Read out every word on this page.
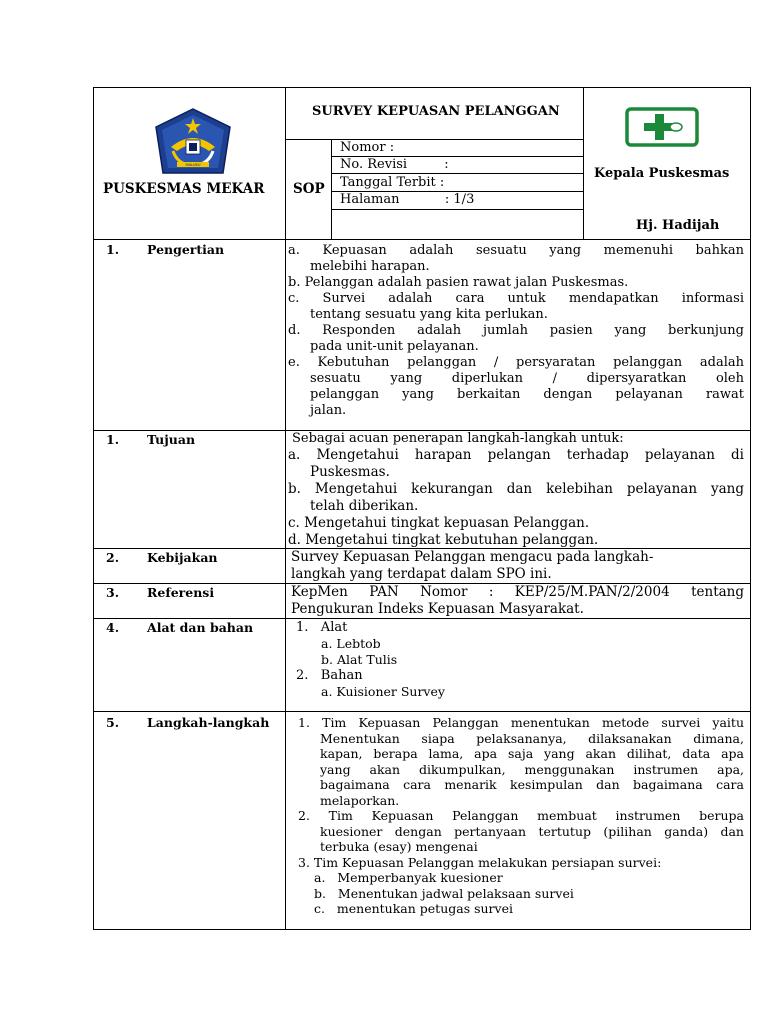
MALUKU
PUSKESMAS MEKAR SOP
SURVEY KEPUASAN PELANGGAN
Nomor :
No. Revisi         :
Tanggal Terbit :
Halaman           : 1/3
Kepala Puskesmas
Hj. Hadijah
1. Pengertian	a. Kepuasan adalah sesuatu yang memenuhi bahkan
melebihi harapan.
b. Pelanggan adalah pasien rawat jalan Puskesmas.
c. Survei adalah cara untuk mendapatkan informasi
tentang sesuatu yang kita perlukan.
d. Responden adalah jumlah pasien yang berkunjung
pada unit-unit pelayanan.
e. Kebutuhan pelanggan / persyaratan pelanggan adalah
sesuatu yang diperlukan / dipersyaratkan oleh
pelanggan yang berkaitan dengan pelayanan rawat
jalan.
1. Tujuan	Sebagai acuan penerapan langkah-langkah untuk:
a. Mengetahui harapan pelangan terhadap pelayanan di
Puskesmas.
b. Mengetahui kekurangan dan kelebihan pelayanan yang
telah diberikan.
c. Mengetahui tingkat kepuasan Pelanggan.
d. Mengetahui tingkat kebutuhan pelanggan.
2. Kebijakan	Survey Kepuasan Pelanggan mengacu pada langkah-
langkah yang terdapat dalam SPO ini.
3. Referensi	KepMen PAN Nomor : KEP/25/M.PAN/2/2004 tentang
Pengukuran Indeks Kepuasan Masyarakat.
4. Alat dan bahan	1.   Alat
a. Lebtob
b. Alat Tulis
2.   Bahan
a. Kuisioner Survey
5. Langkah-langkah 1. Tim Kepuasan Pelanggan menentukan metode survei yaitu
Menentukan siapa pelaksananya, dilaksanakan dimana,
kapan, berapa lama, apa saja yang akan dilihat, data apa
yang akan dikumpulkan, menggunakan instrumen apa,
bagaimana cara menarik kesimpulan dan bagaimana cara
melaporkan.
2. Tim Kepuasan Pelanggan membuat instrumen berupa
kuesioner dengan pertanyaan tertutup (pilihan ganda) dan
terbuka (esay) mengenai
3. Tim Kepuasan Pelanggan melakukan persiapan survei:
a.   Memperbanyak kuesioner
b.   Menentukan jadwal pelaksaan survei
c.   menentukan petugas survei
